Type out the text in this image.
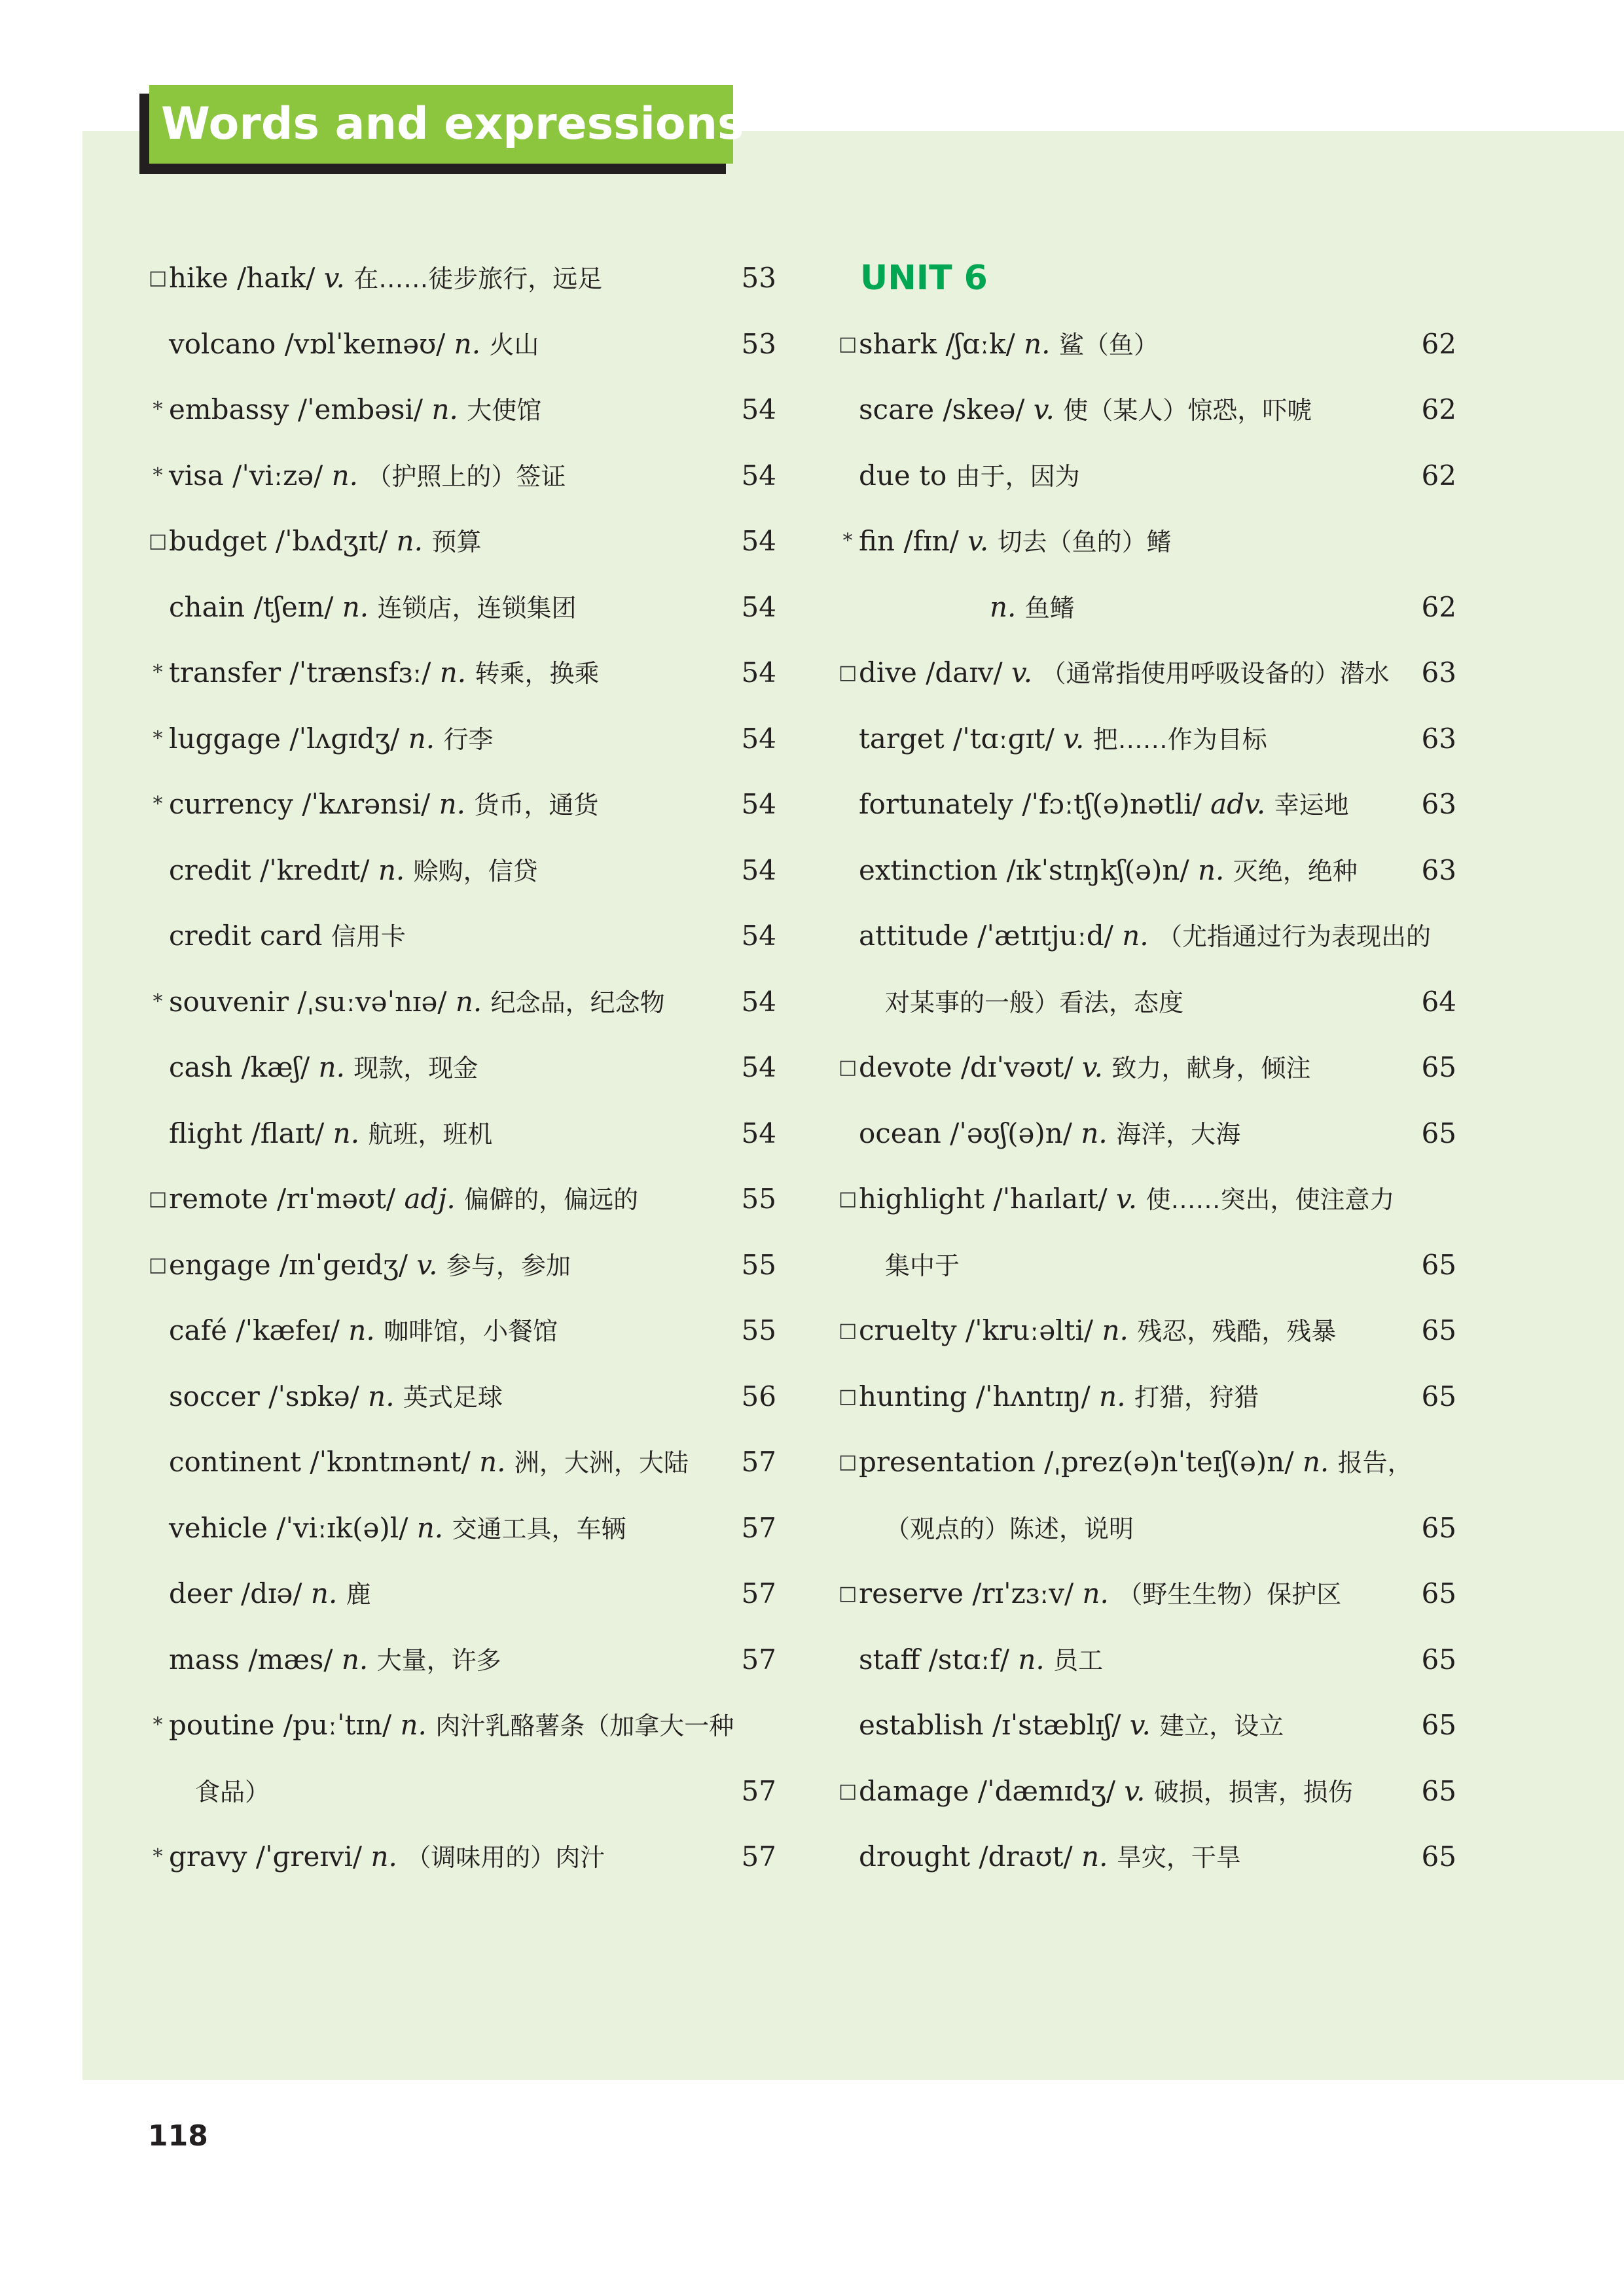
Words and expressions
□ hike /haɪk/ v. 在……徒步旅行，远足	53
volcano /vɒlˈkeɪnəʊ/ n. 火山	53
* embassy /ˈembəsi/ n. 大使馆	54
* visa /ˈviːzə/ n. （护照上的）签证	54
□ budget /ˈbʌdʒɪt/ n. 预算	54
chain /tʃeɪn/ n. 连锁店，连锁集团	54
* transfer /ˈtrænsfɜː/ n. 转乘，换乘	54
* luggage /ˈlʌɡɪdʒ/ n. 行李	54
* currency /ˈkʌrənsi/ n. 货币，通货	54
credit /ˈkredɪt/ n. 赊购，信贷	54
credit card 信用卡	54
* souvenir /ˌsuːvəˈnɪə/ n. 纪念品，纪念物	54
cash /kæʃ/ n. 现款，现金	54
flight /flaɪt/ n. 航班，班机	54
□ remote /rɪˈməʊt/ adj. 偏僻的，偏远的	55
□ engage /ɪnˈɡeɪdʒ/ v. 参与，参加	55
café /ˈkæfeɪ/ n. 咖啡馆，小餐馆	55
soccer /ˈsɒkə/ n. 英式足球	56
continent /ˈkɒntɪnənt/ n. 洲，大洲，大陆	57
vehicle /ˈviːɪk(ə)l/ n. 交通工具，车辆	57
deer /dɪə/ n. 鹿	57
mass /mæs/ n. 大量，许多	57
* poutine /puːˈtɪn/ n. 肉汁乳酪薯条（加拿大一种
食品）	57
* gravy /ˈɡreɪvi/ n. （调味用的）肉汁	57
UNIT 6
□ shark /ʃɑːk/ n. 鲨（鱼）	62
scare /skeə/ v. 使（某人）惊恐，吓唬	62
due to 由于，因为	62
* fin /fɪn/ v. 切去（鱼的）鳍
n. 鱼鳍	62
□ dive /daɪv/ v. （通常指使用呼吸设备的）潜水	63
target /ˈtɑːɡɪt/ v. 把……作为目标	63
fortunately /ˈfɔːtʃ(ə)nətli/ adv. 幸运地	63
extinction /ɪkˈstɪŋkʃ(ə)n/ n. 灭绝，绝种	63
attitude /ˈætɪtjuːd/ n. （尤指通过行为表现出的
对某事的一般）看法，态度	64
□ devote /dɪˈvəʊt/ v. 致力，献身，倾注	65
ocean /ˈəʊʃ(ə)n/ n. 海洋，大海	65
□ highlight /ˈhaɪlaɪt/ v. 使……突出，使注意力
集中于	65
□ cruelty /ˈkruːəlti/ n. 残忍，残酷，残暴	65
□ hunting /ˈhʌntɪŋ/ n. 打猎，狩猎	65
□ presentation /ˌprez(ə)nˈteɪʃ(ə)n/ n. 报告，
（观点的）陈述，说明	65
□ reserve /rɪˈzɜːv/ n. （野生生物）保护区	65
staff /stɑːf/ n. 员工	65
establish /ɪˈstæblɪʃ/ v. 建立，设立	65
□ damage /ˈdæmɪdʒ/ v. 破损，损害，损伤	65
drought /draʊt/ n. 旱灾，干旱	65
118
